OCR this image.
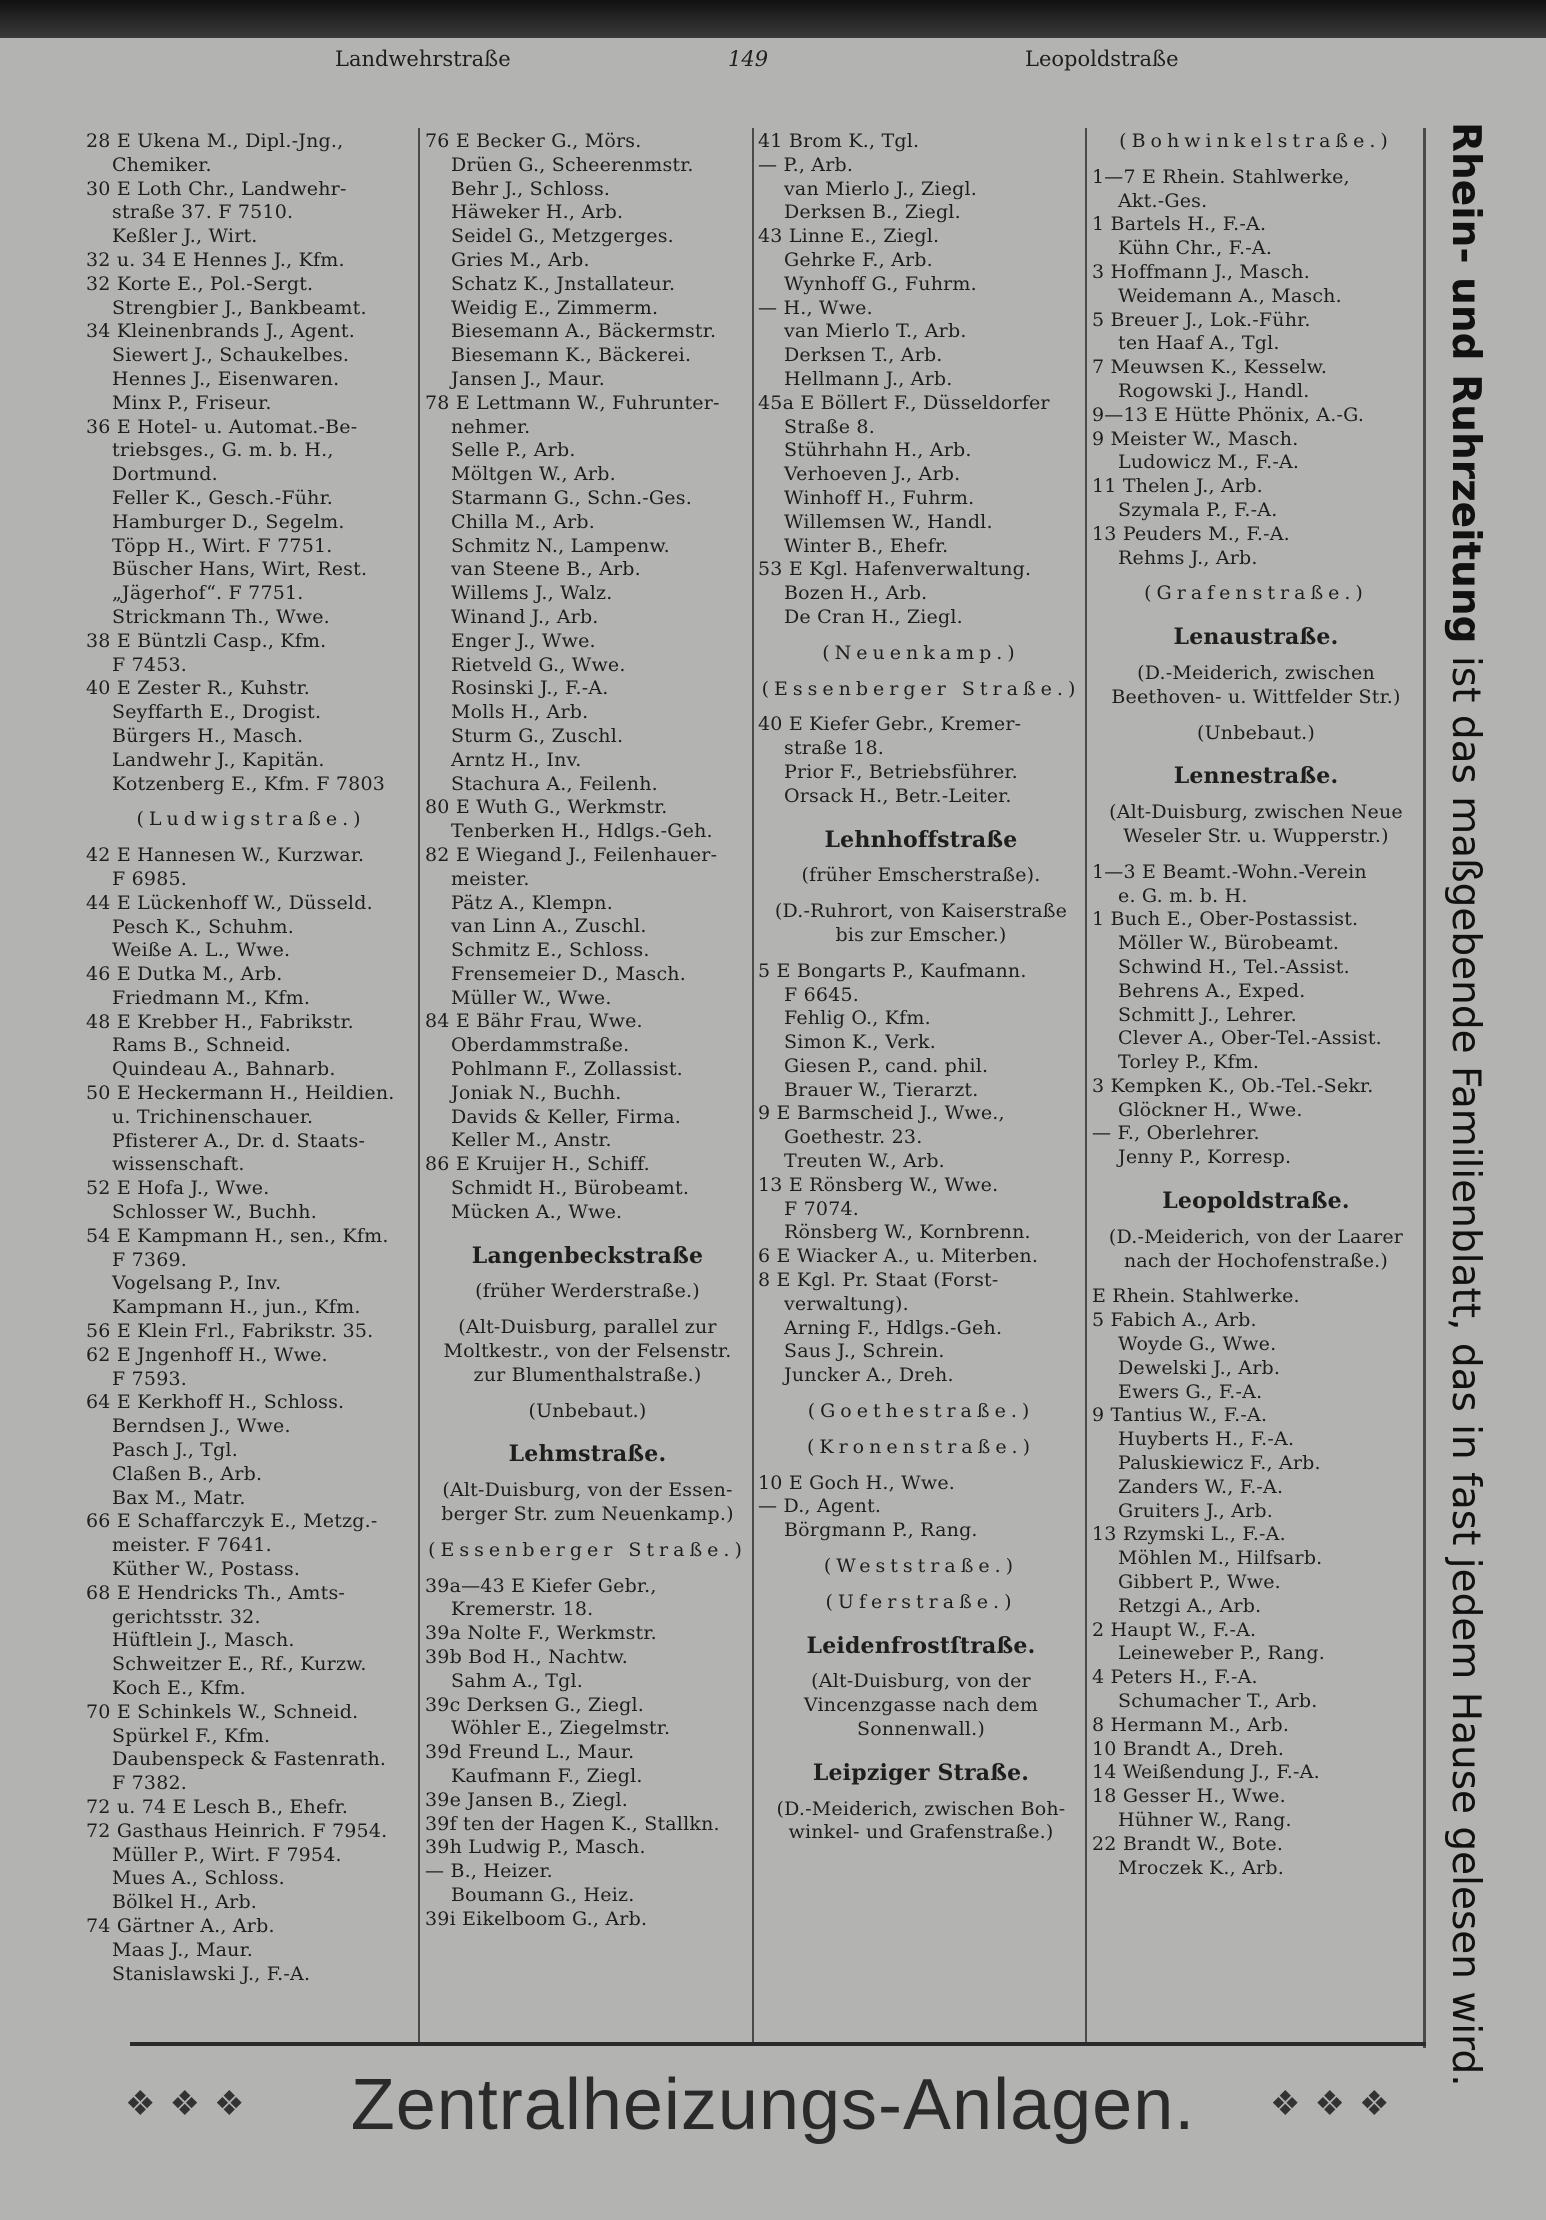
Landwehrstraße	149	Leopoldstraße
28 E Ukena M., Dipl.-Jng.,
Chemiker.
30 E Loth Chr., Landwehr-
straße 37. F 7510.
Keßler J., Wirt.
32 u. 34 E Hennes J., Kfm.
32 Korte E., Pol.-Sergt.
Strengbier J., Bankbeamt.
34 Kleinenbrands J., Agent.
Siewert J., Schaukelbes.
Hennes J., Eisenwaren.
Minx P., Friseur.
36 E Hotel- u. Automat.-Be-
triebsges., G. m. b. H.,
Dortmund.
Feller K., Gesch.-Führ.
Hamburger D., Segelm.
Töpp H., Wirt. F 7751.
Büscher Hans, Wirt, Rest.
„Jägerhof“. F 7751.
Strickmann Th., Wwe.
38 E Büntzli Casp., Kfm.
F 7453.
40 E Zester R., Kuhstr.
Seyffarth E., Drogist.
Bürgers H., Masch.
Landwehr J., Kapitän.
Kotzenberg E., Kfm. F 7803
(Ludwigstraße.)
42 E Hannesen W., Kurzwar.
F 6985.
44 E Lückenhoff W., Düsseld.
Pesch K., Schuhm.
Weiße A. L., Wwe.
46 E Dutka M., Arb.
Friedmann M., Kfm.
48 E Krebber H., Fabrikstr.
Rams B., Schneid.
Quindeau A., Bahnarb.
50 E Heckermann H., Heildien.
u. Trichinenschauer.
Pfisterer A., Dr. d. Staats-
wissenschaft.
52 E Hofa J., Wwe.
Schlosser W., Buchh.
54 E Kampmann H., sen., Kfm.
F 7369.
Vogelsang P., Inv.
Kampmann H., jun., Kfm.
56 E Klein Frl., Fabrikstr. 35.
62 E Jngenhoff H., Wwe.
F 7593.
64 E Kerkhoff H., Schloss.
Berndsen J., Wwe.
Pasch J., Tgl.
Claßen B., Arb.
Bax M., Matr.
66 E Schaffarczyk E., Metzg.-
meister. F 7641.
Küther W., Postass.
68 E Hendricks Th., Amts-
gerichtsstr. 32.
Hüftlein J., Masch.
Schweitzer E., Rf., Kurzw.
Koch E., Kfm.
70 E Schinkels W., Schneid.
Spürkel F., Kfm.
Daubenspeck & Fastenrath.
F 7382.
72 u. 74 E Lesch B., Ehefr.
72 Gasthaus Heinrich. F 7954.
Müller P., Wirt. F 7954.
Mues A., Schloss.
Bölkel H., Arb.
74 Gärtner A., Arb.
Maas J., Maur.
Stanislawski J., F.-A.
76 E Becker G., Mörs.
Drüen G., Scheerenmstr.
Behr J., Schloss.
Häweker H., Arb.
Seidel G., Metzgerges.
Gries M., Arb.
Schatz K., Jnstallateur.
Weidig E., Zimmerm.
Biesemann A., Bäckermstr.
Biesemann K., Bäckerei.
Jansen J., Maur.
78 E Lettmann W., Fuhrunter-
nehmer.
Selle P., Arb.
Möltgen W., Arb.
Starmann G., Schn.-Ges.
Chilla M., Arb.
Schmitz N., Lampenw.
van Steene B., Arb.
Willems J., Walz.
Winand J., Arb.
Enger J., Wwe.
Rietveld G., Wwe.
Rosinski J., F.-A.
Molls H., Arb.
Sturm G., Zuschl.
Arntz H., Inv.
Stachura A., Feilenh.
80 E Wuth G., Werkmstr.
Tenberken H., Hdlgs.-Geh.
82 E Wiegand J., Feilenhauer-
meister.
Pätz A., Klempn.
van Linn A., Zuschl.
Schmitz E., Schloss.
Frensemeier D., Masch.
Müller W., Wwe.
84 E Bähr Frau, Wwe.
Oberdammstraße.
Pohlmann F., Zollassist.
Joniak N., Buchh.
Davids & Keller, Firma.
Keller M., Anstr.
86 E Kruijer H., Schiff.
Schmidt H., Bürobeamt.
Mücken A., Wwe.
Langenbeckstraße
(früher Werderstraße.)
(Alt-Duisburg, parallel zur Moltkestr., von der Felsenstr. zur Blumenthalstraße.)
(Unbebaut.)
Lehmstraße.
(Alt-Duisburg, von der Essen-berger Str. zum Neuenkamp.)
(Essenberger Straße.)
39a—43 E Kiefer Gebr.,
Kremerstr. 18.
39a Nolte F., Werkmstr.
39b Bod H., Nachtw.
Sahm A., Tgl.
39c Derksen G., Ziegl.
Wöhler E., Ziegelmstr.
39d Freund L., Maur.
Kaufmann F., Ziegl.
39e Jansen B., Ziegl.
39f ten der Hagen K., Stallkn.
39h Ludwig P., Masch.
— B., Heizer.
Boumann G., Heiz.
39i Eikelboom G., Arb.
41 Brom K., Tgl.
— P., Arb.
van Mierlo J., Ziegl.
Derksen B., Ziegl.
43 Linne E., Ziegl.
Gehrke F., Arb.
Wynhoff G., Fuhrm.
— H., Wwe.
van Mierlo T., Arb.
Derksen T., Arb.
Hellmann J., Arb.
45a E Böllert F., Düsseldorfer
Straße 8.
Stührhahn H., Arb.
Verhoeven J., Arb.
Winhoff H., Fuhrm.
Willemsen W., Handl.
Winter B., Ehefr.
53 E Kgl. Hafenverwaltung.
Bozen H., Arb.
De Cran H., Ziegl.
(Neuenkamp.)
(Essenberger Straße.)
40 E Kiefer Gebr., Kremer-
straße 18.
Prior F., Betriebsführer.
Orsack H., Betr.-Leiter.
Lehnhoffstraße
(früher Emscherstraße).
(D.-Ruhrort, von Kaiserstraße bis zur Emscher.)
5 E Bongarts P., Kaufmann.
F 6645.
Fehlig O., Kfm.
Simon K., Verk.
Giesen P., cand. phil.
Brauer W., Tierarzt.
9 E Barmscheid J., Wwe.,
Goethestr. 23.
Treuten W., Arb.
13 E Rönsberg W., Wwe.
F 7074.
Rönsberg W., Kornbrenn.
6 E Wiacker A., u. Miterben.
8 E Kgl. Pr. Staat (Forst-
verwaltung).
Arning F., Hdlgs.-Geh.
Saus J., Schrein.
Juncker A., Dreh.
(Goethestraße.)
(Kronenstraße.)
10 E Goch H., Wwe.
— D., Agent.
Börgmann P., Rang.
(Weststraße.)
(Uferstraße.)
Leidenfrostſtraße.
(Alt-Duisburg, von der Vincenzgasse nach dem Sonnenwall.)
Leipziger Straße.
(D.-Meiderich, zwischen Boh-winkel- und Grafenstraße.)
(Bohwinkelstraße.)
1—7 E Rhein. Stahlwerke,
Akt.-Ges.
1 Bartels H., F.-A.
Kühn Chr., F.-A.
3 Hoffmann J., Masch.
Weidemann A., Masch.
5 Breuer J., Lok.-Führ.
ten Haaf A., Tgl.
7 Meuwsen K., Kesselw.
Rogowski J., Handl.
9—13 E Hütte Phönix, A.-G.
9 Meister W., Masch.
Ludowicz M., F.-A.
11 Thelen J., Arb.
Szymala P., F.-A.
13 Peuders M., F.-A.
Rehms J., Arb.
(Grafenstraße.)
Lenaustraße.
(D.-Meiderich, zwischen Beethoven- u. Wittfelder Str.)
(Unbebaut.)
Lennestraße.
(Alt-Duisburg, zwischen Neue Weseler Str. u. Wupperstr.)
1—3 E Beamt.-Wohn.-Verein
e. G. m. b. H.
1 Buch E., Ober-Postassist.
Möller W., Bürobeamt.
Schwind H., Tel.-Assist.
Behrens A., Exped.
Schmitt J., Lehrer.
Clever A., Ober-Tel.-Assist.
Torley P., Kfm.
3 Kempken K., Ob.-Tel.-Sekr.
Glöckner H., Wwe.
— F., Oberlehrer.
Jenny P., Korresp.
Leopoldstraße.
(D.-Meiderich, von der Laarer nach der Hochofenstraße.)
E Rhein. Stahlwerke.
5 Fabich A., Arb.
Woyde G., Wwe.
Dewelski J., Arb.
Ewers G., F.-A.
9 Tantius W., F.-A.
Huyberts H., F.-A.
Paluskiewicz F., Arb.
Zanders W., F.-A.
Gruiters J., Arb.
13 Rzymski L., F.-A.
Möhlen M., Hilfsarb.
Gibbert P., Wwe.
Retzgi A., Arb.
2 Haupt W., F.-A.
Leineweber P., Rang.
4 Peters H., F.-A.
Schumacher T., Arb.
8 Hermann M., Arb.
10 Brandt A., Dreh.
14 Weißendung J., F.-A.
18 Gesser H., Wwe.
Hühner W., Rang.
22 Brandt W., Bote.
Mroczek K., Arb.
Rhein- und Ruhrzeitung ist das maßgebende Familienblatt, das in fast jedem Hause gelesen wird.
❖❖❖	Zentralheizungs-Anlagen.	❖❖❖
